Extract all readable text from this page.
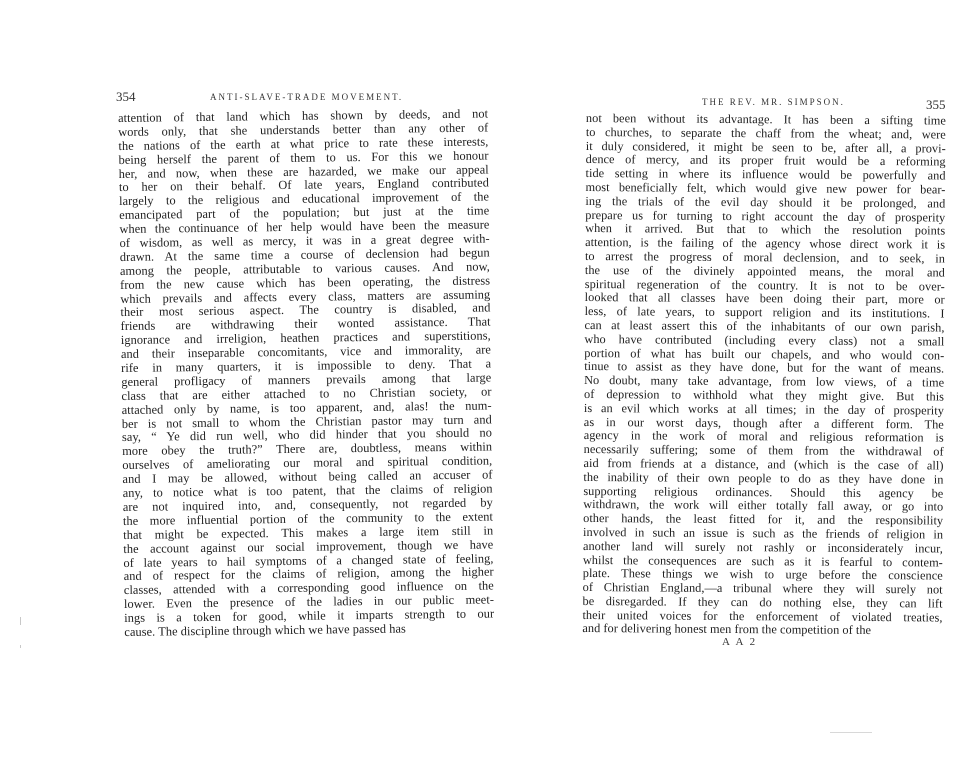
354	ANTI-SLAVE-TRADE MOVEMENT.
attention of that land which has shown by deeds, and not
words only, that she understands better than any other of
the nations of the earth at what price to rate these interests,
being herself the parent of them to us. For this we honour
her, and now, when these are hazarded, we make our appeal
to her on their behalf. Of late years, England contributed
largely to the religious and educational improvement of the
emancipated part of the population; but just at the time
when the continuance of her help would have been the measure
of wisdom, as well as mercy, it was in a great degree with-
drawn. At the same time a course of declension had begun
among the people, attributable to various causes. And now,
from the new cause which has been operating, the distress
which prevails and affects every class, matters are assuming
their most serious aspect. The country is disabled, and
friends are withdrawing their wonted assistance. That
ignorance and irreligion, heathen practices and superstitions,
and their inseparable concomitants, vice and immorality, are
rife in many quarters, it is impossible to deny. That a
general profligacy of manners prevails among that large
class that are either attached to no Christian society, or
attached only by name, is too apparent, and, alas! the num-
ber is not small to whom the Christian pastor may turn and
say, “ Ye did run well, who did hinder that you should no
more obey the truth?” There are, doubtless, means within
ourselves of ameliorating our moral and spiritual condition,
and I may be allowed, without being called an accuser of
any, to notice what is too patent, that the claims of religion
are not inquired into, and, consequently, not regarded by
the more influential portion of the community to the extent
that might be expected. This makes a large item still in
the account against our social improvement, though we have
of late years to hail symptoms of a changed state of feeling,
and of respect for the claims of religion, among the higher
classes, attended with a corresponding good influence on the
lower. Even the presence of the ladies in our public meet-
ings is a token for good, while it imparts strength to our
cause. The discipline through which we have passed has
THE REV. MR. SIMPSON.	355
not been without its advantage. It has been a sifting time
to churches, to separate the chaff from the wheat; and, were
it duly considered, it might be seen to be, after all, a provi-
dence of mercy, and its proper fruit would be a reforming
tide setting in where its influence would be powerfully and
most beneficially felt, which would give new power for bear-
ing the trials of the evil day should it be prolonged, and
prepare us for turning to right account the day of prosperity
when it arrived. But that to which the resolution points
attention, is the failing of the agency whose direct work it is
to arrest the progress of moral declension, and to seek, in
the use of the divinely appointed means, the moral and
spiritual regeneration of the country. It is not to be over-
looked that all classes have been doing their part, more or
less, of late years, to support religion and its institutions. I
can at least assert this of the inhabitants of our own parish,
who have contributed (including every class) not a small
portion of what has built our chapels, and who would con-
tinue to assist as they have done, but for the want of means.
No doubt, many take advantage, from low views, of a time
of depression to withhold what they might give. But this
is an evil which works at all times; in the day of prosperity
as in our worst days, though after a different form. The
agency in the work of moral and religious reformation is
necessarily suffering; some of them from the withdrawal of
aid from friends at a distance, and (which is the case of all)
the inability of their own people to do as they have done in
supporting religious ordinances. Should this agency be
withdrawn, the work will either totally fall away, or go into
other hands, the least fitted for it, and the responsibility
involved in such an issue is such as the friends of religion in
another land will surely not rashly or inconsiderately incur,
whilst the consequences are such as it is fearful to contem-
plate. These things we wish to urge before the conscience
of Christian England,—a tribunal where they will surely not
be disregarded. If they can do nothing else, they can lift
their united voices for the enforcement of violated treaties,
and for delivering honest men from the competition of the
A A 2
